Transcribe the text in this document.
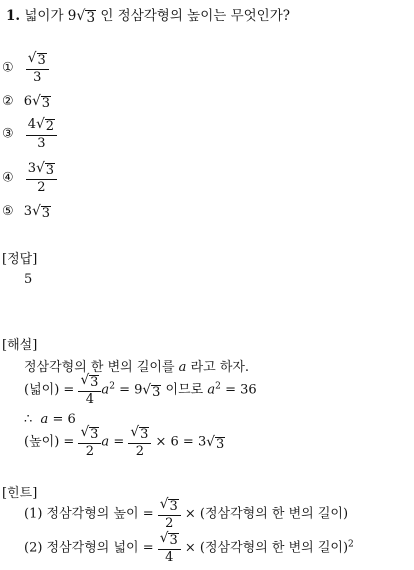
1. 넓이가 9 √ 3 인 정삼각형의 높이는 무엇인가?
① $\frac{√ 3}{3}$
② 6 √ 3
③ $\frac{4 √ 2}{3}$
④ $\frac{3 √ 3}{2}$
⑤ 3 √ 3
[정답]
5
[해설]
정삼각형의 한 변의 길이를 a 라고 하자.
(넓이) = $\frac{√ 3}{4} a^2 = 9$ √ 3 이므로 $a^2 = 36$
∴ a = 6
(높이) = $\frac{√ 3}{2}$ $a = \frac{√ 3}{2} \times 6 = 3$ √ 3
[힌트]
(1) 정삼각형의 높이 = $\frac{√ 3}{2}$ × (정삼각형의 한 변의 길이)
(2) 정삼각형의 넓이 = $\frac{√ 3}{4}$ × (정삼각형의 한 변의 길이)$^2$
